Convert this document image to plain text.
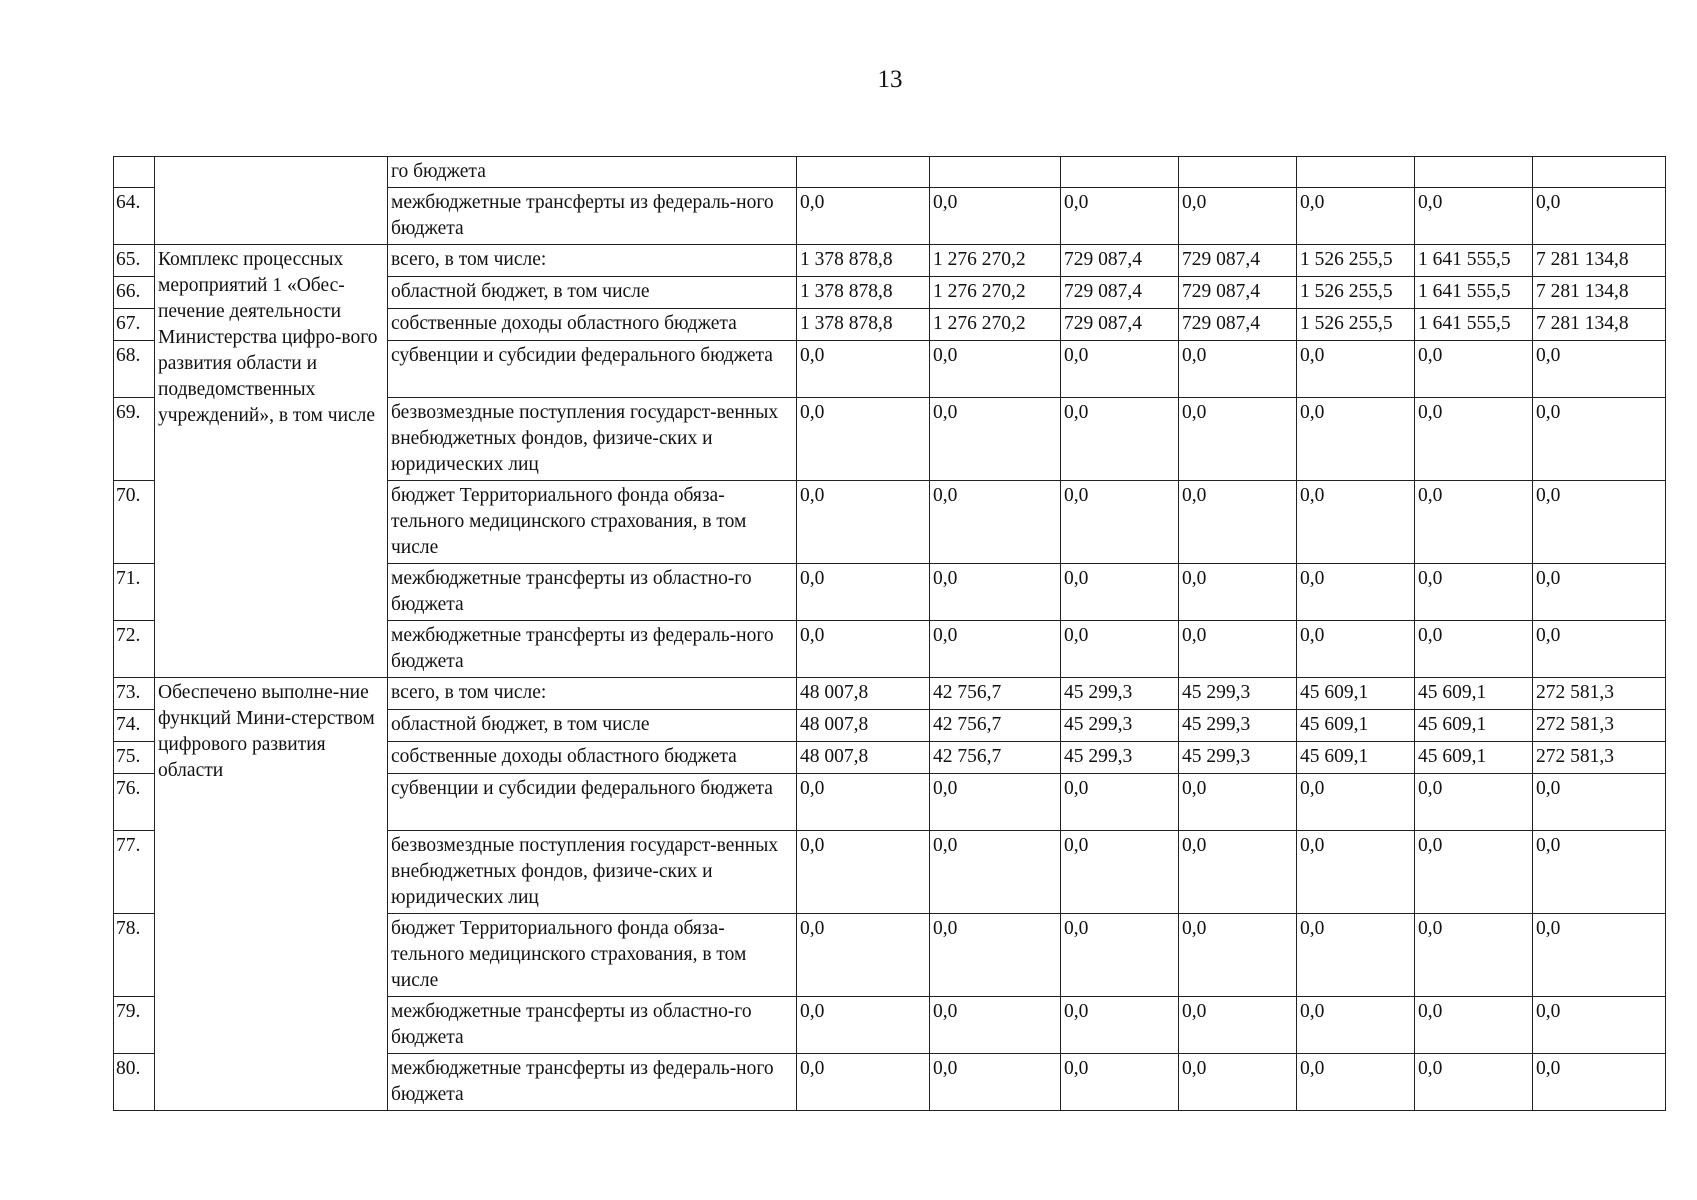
13
		го бюджета							
64.		межбюджетные трансферты из федераль-ного бюджета	0,0	0,0	0,0	0,0	0,0	0,0	0,0
65.	Комплекс процессных мероприятий 1 «Обес-печение деятельности Министерства цифро-вого развития области и подведомственных учреждений», в том числе	всего, в том числе:	1 378 878,8	1 276 270,2	729 087,4	729 087,4	1 526 255,5	1 641 555,5	7 281 134,8
66.		областной бюджет, в том числе	1 378 878,8	1 276 270,2	729 087,4	729 087,4	1 526 255,5	1 641 555,5	7 281 134,8
67.		собственные доходы областного бюджета	1 378 878,8	1 276 270,2	729 087,4	729 087,4	1 526 255,5	1 641 555,5	7 281 134,8
68.		субвенции и субсидии федерального бюджета	0,0	0,0	0,0	0,0	0,0	0,0	0,0
69.		безвозмездные поступления государст-венных внебюджетных фондов, физиче-ских и юридических лиц	0,0	0,0	0,0	0,0	0,0	0,0	0,0
70.		бюджет Территориального фонда обяза-тельного медицинского страхования, в том числе	0,0	0,0	0,0	0,0	0,0	0,0	0,0
71.		межбюджетные трансферты из областно-го бюджета	0,0	0,0	0,0	0,0	0,0	0,0	0,0
72.		межбюджетные трансферты из федераль-ного бюджета	0,0	0,0	0,0	0,0	0,0	0,0	0,0
73.	Обеспечено выполне-ние функций Мини-стерством цифрового развития области	всего, в том числе:	48 007,8	42 756,7	45 299,3	45 299,3	45 609,1	45 609,1	272 581,3
74.		областной бюджет, в том числе	48 007,8	42 756,7	45 299,3	45 299,3	45 609,1	45 609,1	272 581,3
75.		собственные доходы областного бюджета	48 007,8	42 756,7	45 299,3	45 299,3	45 609,1	45 609,1	272 581,3
76.		субвенции и субсидии федерального бюджета	0,0	0,0	0,0	0,0	0,0	0,0	0,0
77.		безвозмездные поступления государст-венных внебюджетных фондов, физиче-ских и юридических лиц	0,0	0,0	0,0	0,0	0,0	0,0	0,0
78.		бюджет Территориального фонда обяза-тельного медицинского страхования, в том числе	0,0	0,0	0,0	0,0	0,0	0,0	0,0
79.		межбюджетные трансферты из областно-го бюджета	0,0	0,0	0,0	0,0	0,0	0,0	0,0
80.		межбюджетные трансферты из федераль-ного бюджета	0,0	0,0	0,0	0,0	0,0	0,0	0,0
